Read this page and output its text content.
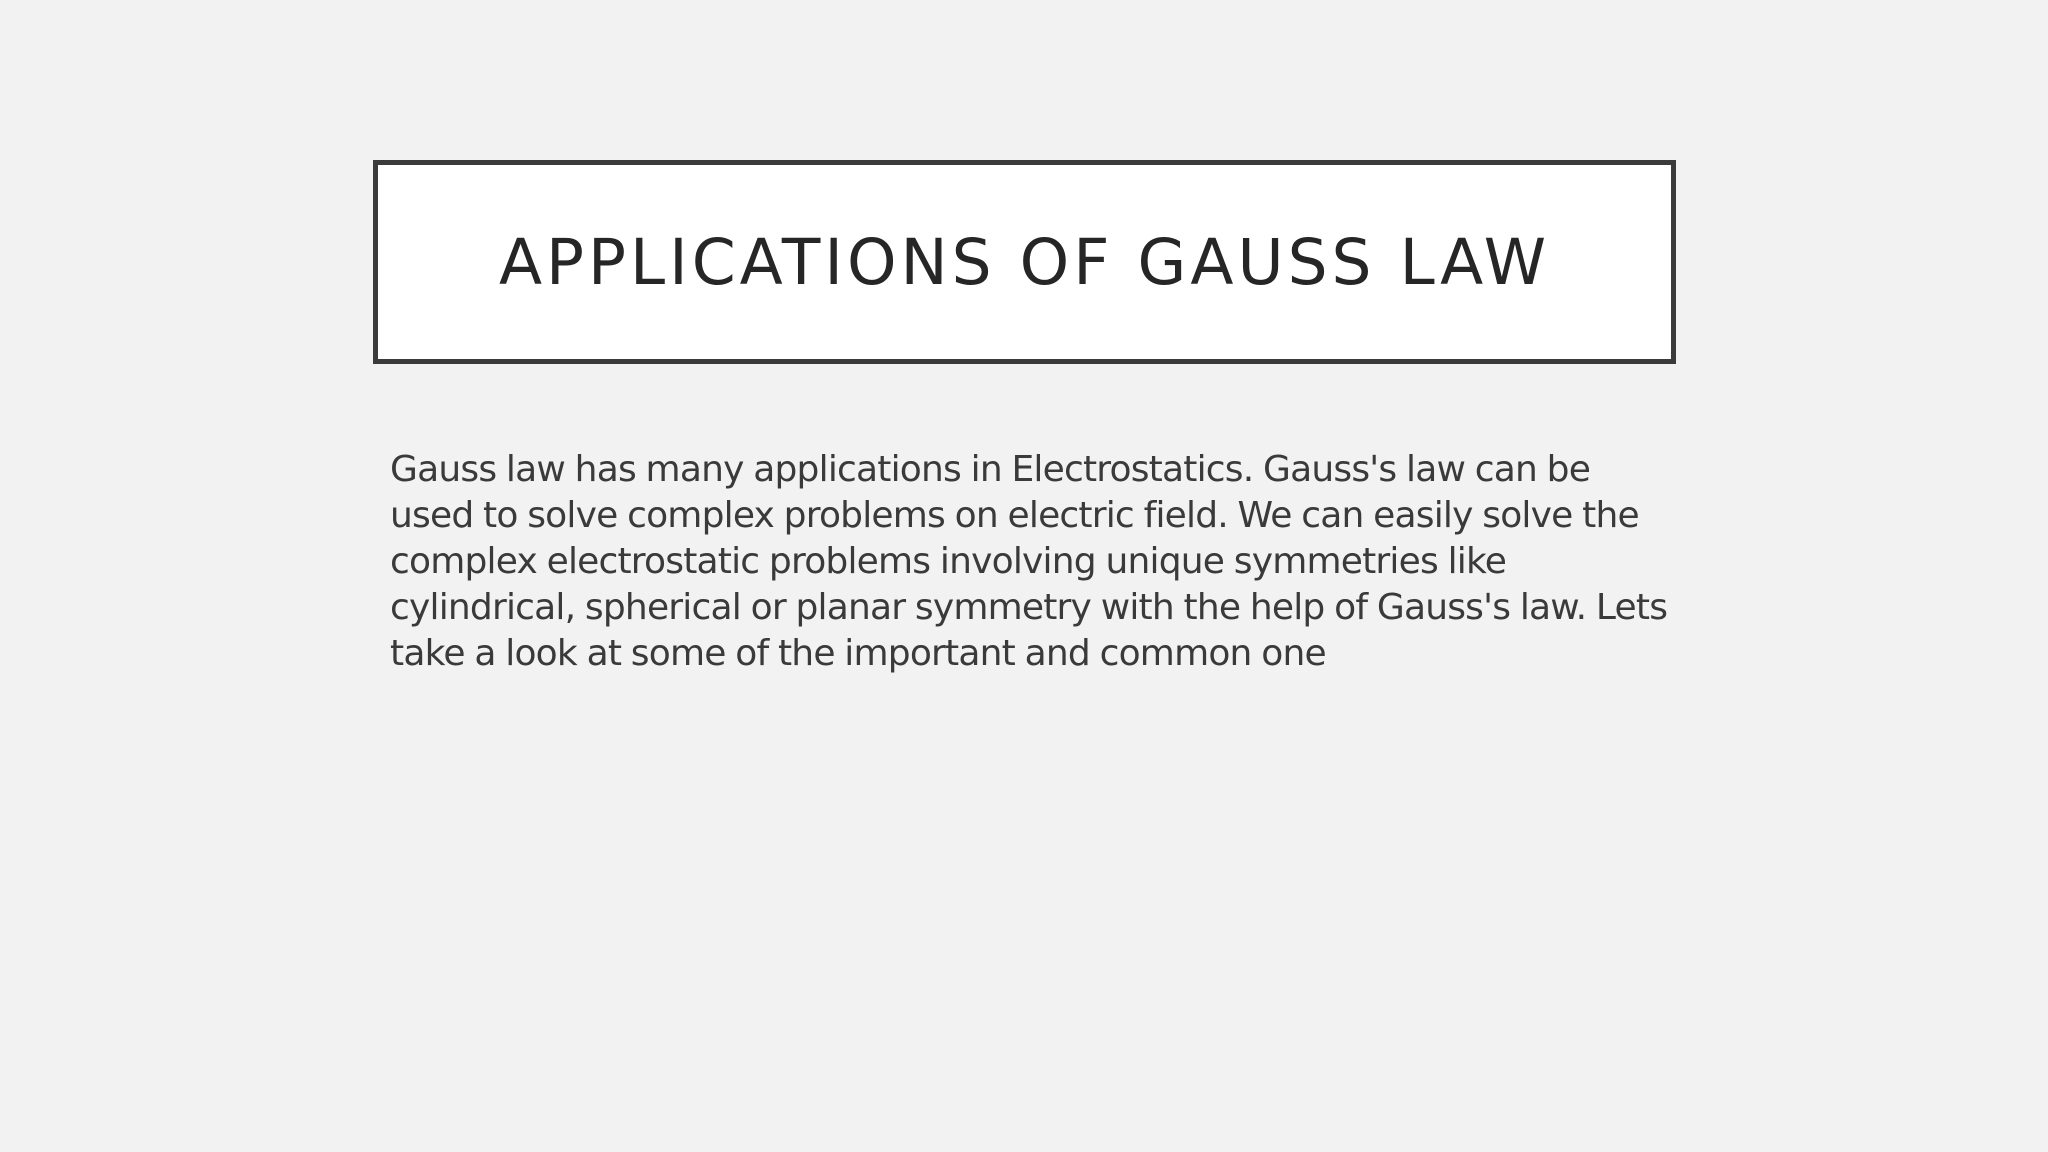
APPLICATIONS OF GAUSS LAW
Gauss law has many applications in Electrostatics. Gauss's law can be
used to solve complex problems on electric field. We can easily solve the
complex electrostatic problems involving unique symmetries like
cylindrical, spherical or planar symmetry with the help of Gauss's law. Lets
take a look at some of the important and common one
